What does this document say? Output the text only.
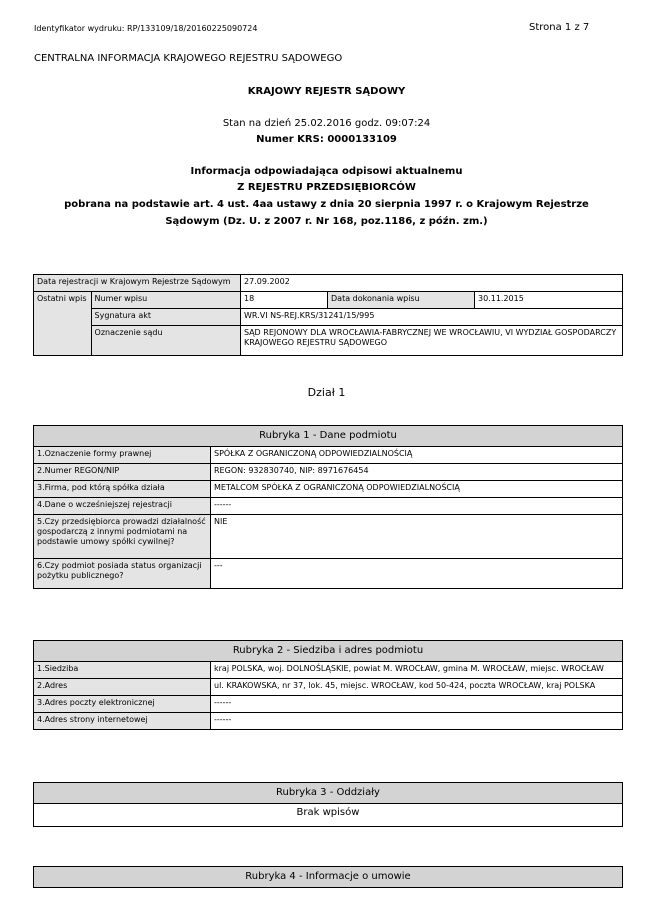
Identyfikator wydruku: RP/133109/18/20160225090724	Strona 1 z 7
CENTRALNA INFORMACJA KRAJOWEGO REJESTRU SĄDOWEGO
KRAJOWY REJESTR SĄDOWY
Stan na dzień 25.02.2016 godz. 09:07:24
Numer KRS: 0000133109
Informacja odpowiadająca odpisowi aktualnemu
Z REJESTRU PRZEDSIĘBIORCÓW
pobrana na podstawie art. 4 ust. 4aa ustawy z dnia 20 sierpnia 1997 r. o Krajowym Rejestrze
Sądowym (Dz. U. z 2007 r. Nr 168, poz.1186, z późn. zm.)
Data rejestracji w Krajowym Rejestrze Sądowym		27.09.2002		
Ostatni wpis	Numer wpisu	18	Data dokonania wpisu	30.11.2015
	Sygnatura akt	WR.VI NS-REJ.KRS/31241/15/995		
	Oznaczenie sądu	SĄD REJONOWY DLA WROCŁAWIA-FABRYCZNEJ WE WROCŁAWIU, VI WYDZIAŁ GOSPODARCZY KRAJOWEGO REJESTRU SĄDOWEGO		
Dział 1
Rubryka 1 - Dane podmiotu	
1.Oznaczenie formy prawnej	SPÓŁKA Z OGRANICZONĄ ODPOWIEDZIALNOŚCIĄ
2.Numer REGON/NIP	REGON: 932830740, NIP: 8971676454
3.Firma, pod którą spółka działa	METALCOM SPÓŁKA Z OGRANICZONĄ ODPOWIEDZIALNOŚCIĄ
4.Dane o wcześniejszej rejestracji	------
5.Czy przedsiębiorca prowadzi działalność gospodarczą z innymi podmiotami na podstawie umowy spółki cywilnej?	NIE
6.Czy podmiot posiada status organizacji pożytku publicznego?	---
Rubryka 2 - Siedziba i adres podmiotu	
1.Siedziba	kraj POLSKA, woj. DOLNOŚLĄSKIE, powiat M. WROCŁAW, gmina M. WROCŁAW, miejsc. WROCŁAW
2.Adres	ul. KRAKOWSKA, nr 37, lok. 45, miejsc. WROCŁAW, kod 50-424, poczta WROCŁAW, kraj POLSKA
3.Adres poczty elektronicznej	------
4.Adres strony internetowej	------
Rubryka 3 - Oddziały
Brak wpisów
Rubryka 4 - Informacje o umowie
